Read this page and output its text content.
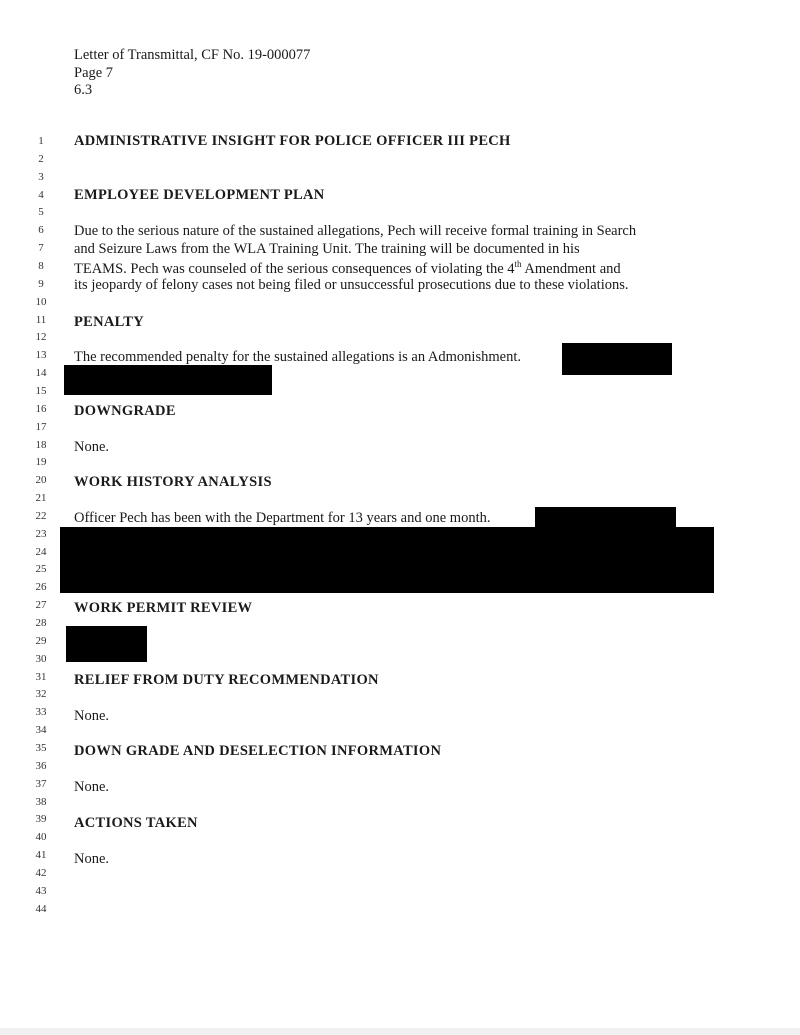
Letter of Transmittal, CF No. 19-000077
Page 7
6.3
1
2
3
4
5
6
7
8
9
10
11
12
13
14
15
16
17
18
19
20
21
22
23
24
25
26
27
28
29
30
31
32
33
34
35
36
37
38
39
40
41
42
43
44
ADMINISTRATIVE INSIGHT FOR POLICE OFFICER III PECH
EMPLOYEE DEVELOPMENT PLAN
Due to the serious nature of the sustained allegations, Pech will receive formal training in Search
and Seizure Laws from the WLA Training Unit. The training will be documented in his
TEAMS. Pech was counseled of the serious consequences of violating the 4th Amendment and
its jeopardy of felony cases not being filed or unsuccessful prosecutions due to these violations.
PENALTY
The recommended penalty for the sustained allegations is an Admonishment.
DOWNGRADE
None.
WORK HISTORY ANALYSIS
Officer Pech has been with the Department for 13 years and one month.
WORK PERMIT REVIEW
RELIEF FROM DUTY RECOMMENDATION
None.
DOWN GRADE AND DESELECTION INFORMATION
None.
ACTIONS TAKEN
None.
